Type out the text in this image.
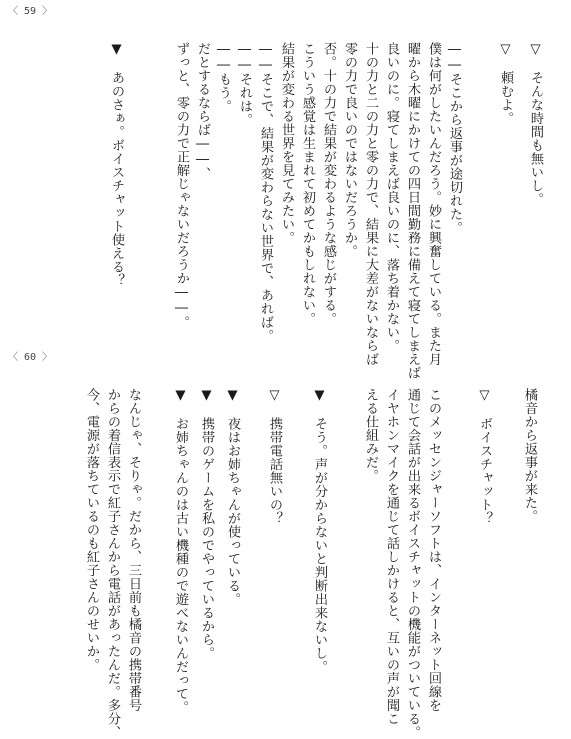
〈 59 〉
▽　そんな時間も無いし。
▽　頼むよ。
――そこから返事が途切れた。
僕は何がしたいんだろう。妙に興奮している。また月
曜から木曜にかけての四日間勤務に備えて寝てしまえば
良いのに。寝てしまえば良いのに、落ち着かない。
十の力と二の力と零の力で、結果に大差がないならば
零の力で良いのではないだろうか。
否。十の力で結果が変わるような感じがする。
こういう感覚は生まれて初めてかもしれない。
結果が変わる世界を見てみたい。
――そこで、結果が変わらない世界で、あれば。
――それは。
――もう。
だとするならば――、
ずっと、零の力で正解じゃないだろうか――。
▼　あのさぁ。ボイスチャット使える？
〈 60 〉
橘音から返事が来た。
▽　ボイスチャット？
このメッセンジャーソフトは、インターネット回線を
通じて会話が出来るボイスチャットの機能がついている。
イヤホンマイクを通じて話しかけると、互いの声が聞こ
える仕組みだ。
▼　そう。声が分からないと判断出来ないし。
▽　携帯電話無いの？
▼　夜はお姉ちゃんが使っている。
▼　携帯のゲームを私のでやっているから。
▼　お姉ちゃんのは古い機種ので遊べないんだって。
なんじゃ、そりゃ。だから、三日前も橘音の携帯番号
からの着信表示で紅子さんから電話があったんだ。多分、
今、電源が落ちているのも紅子さんのせいか。
